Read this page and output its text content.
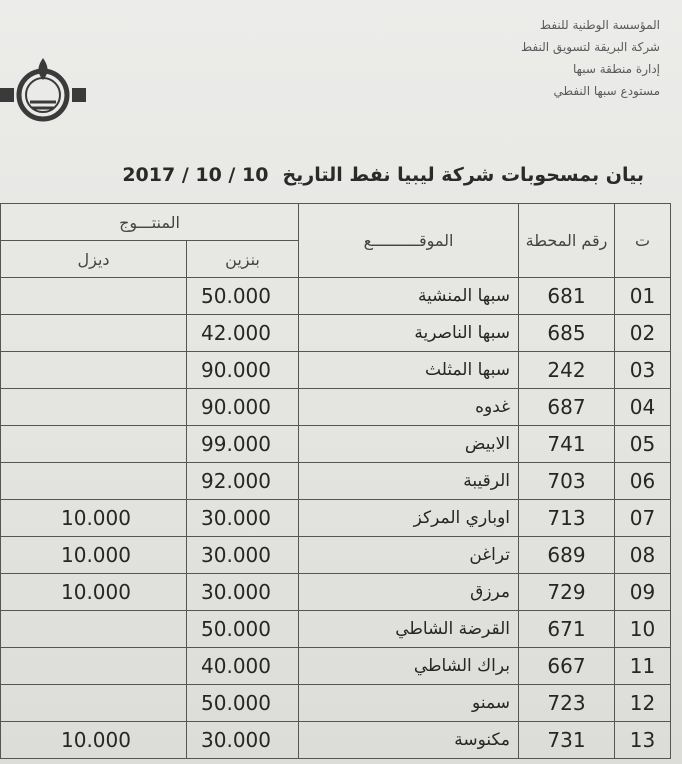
المؤسسة الوطنية للنفط
شركة البريقة لتسويق النفط
إدارة منطقة سبها
مستودع سبها النفطي
بيان بمسحوبات شركة ليبيا نفط التاريخ
2017 / 10 / 10
ت	رقم المحطة	الموقــــــــــع	المنتـــوج	
			بنزين	ديزل
01	681	سبها المنشية	50.000	
02	685	سبها الناصرية	42.000	
03	242	سبها المثلث	90.000	
04	687	غدوه	90.000	
05	741	الابيض	99.000	
06	703	الرقيبة	92.000	
07	713	اوباري المركز	30.000	10.000
08	689	تراغن	30.000	10.000
09	729	مرزق	30.000	10.000
10	671	القرضة الشاطي	50.000	
11	667	براك الشاطي	40.000	
12	723	سمنو	50.000	
13	731	مكنوسة	30.000	10.000
